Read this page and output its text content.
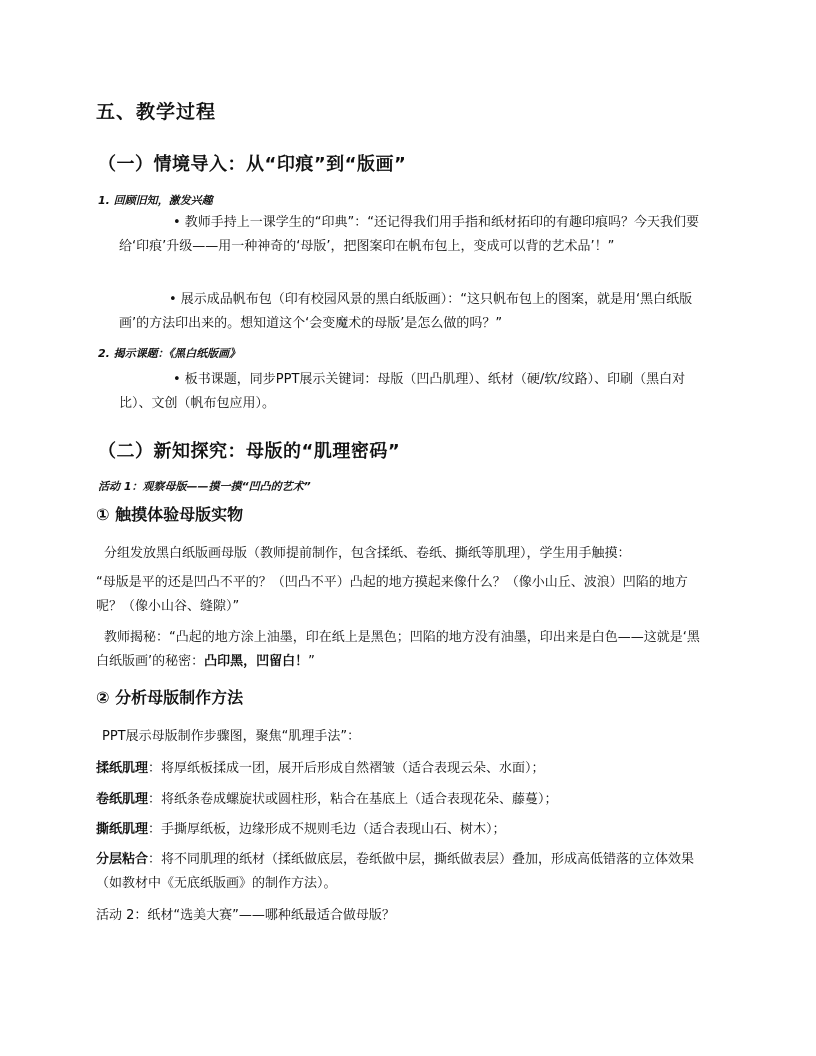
五、教学过程
（一）情境导入：从“印痕”到“版画”
1. 回顾旧知，激发兴趣
• 教师手持上一课学生的“印典”：“还记得我们用手指和纸材拓印的有趣印痕吗？今天我们要给‘印痕’升级——用一种神奇的‘母版’，把图案印在帆布包上，变成可以背的艺术品’！”
• 展示成品帆布包（印有校园风景的黑白纸版画）：“这只帆布包上的图案，就是用‘黑白纸版画’的方法印出来的。想知道这个‘会变魔术的母版’是怎么做的吗？”
2. 揭示课题：《黑白纸版画》
• 板书课题，同步PPT展示关键词：母版（凹凸肌理）、纸材（硬/软/纹路）、印刷（黑白对比）、文创（帆布包应用）。
（二）新知探究：母版的“肌理密码”
活动 1：观察母版——摸一摸“凹凸的艺术”
① 触摸体验母版实物
分组发放黑白纸版画母版（教师提前制作，包含揉纸、卷纸、撕纸等肌理），学生用手触摸：
“母版是平的还是凹凸不平的？（凹凸不平）凸起的地方摸起来像什么？（像小山丘、波浪）凹陷的地方呢？（像小山谷、缝隙）”
教师揭秘：“凸起的地方涂上油墨，印在纸上是黑色；凹陷的地方没有油墨，印出来是白色——这就是‘黑白纸版画’的秘密：凸印黑，凹留白！”
② 分析母版制作方法
PPT展示母版制作步骤图，聚焦“肌理手法”：
揉纸肌理：将厚纸板揉成一团，展开后形成自然褶皱（适合表现云朵、水面）；
卷纸肌理：将纸条卷成螺旋状或圆柱形，粘合在基底上（适合表现花朵、藤蔓）；
撕纸肌理：手撕厚纸板，边缘形成不规则毛边（适合表现山石、树木）；
分层粘合：将不同肌理的纸材（揉纸做底层，卷纸做中层，撕纸做表层）叠加，形成高低错落的立体效果（如教材中《无底纸版画》的制作方法）。
活动 2：纸材“选美大赛”——哪种纸最适合做母版？
